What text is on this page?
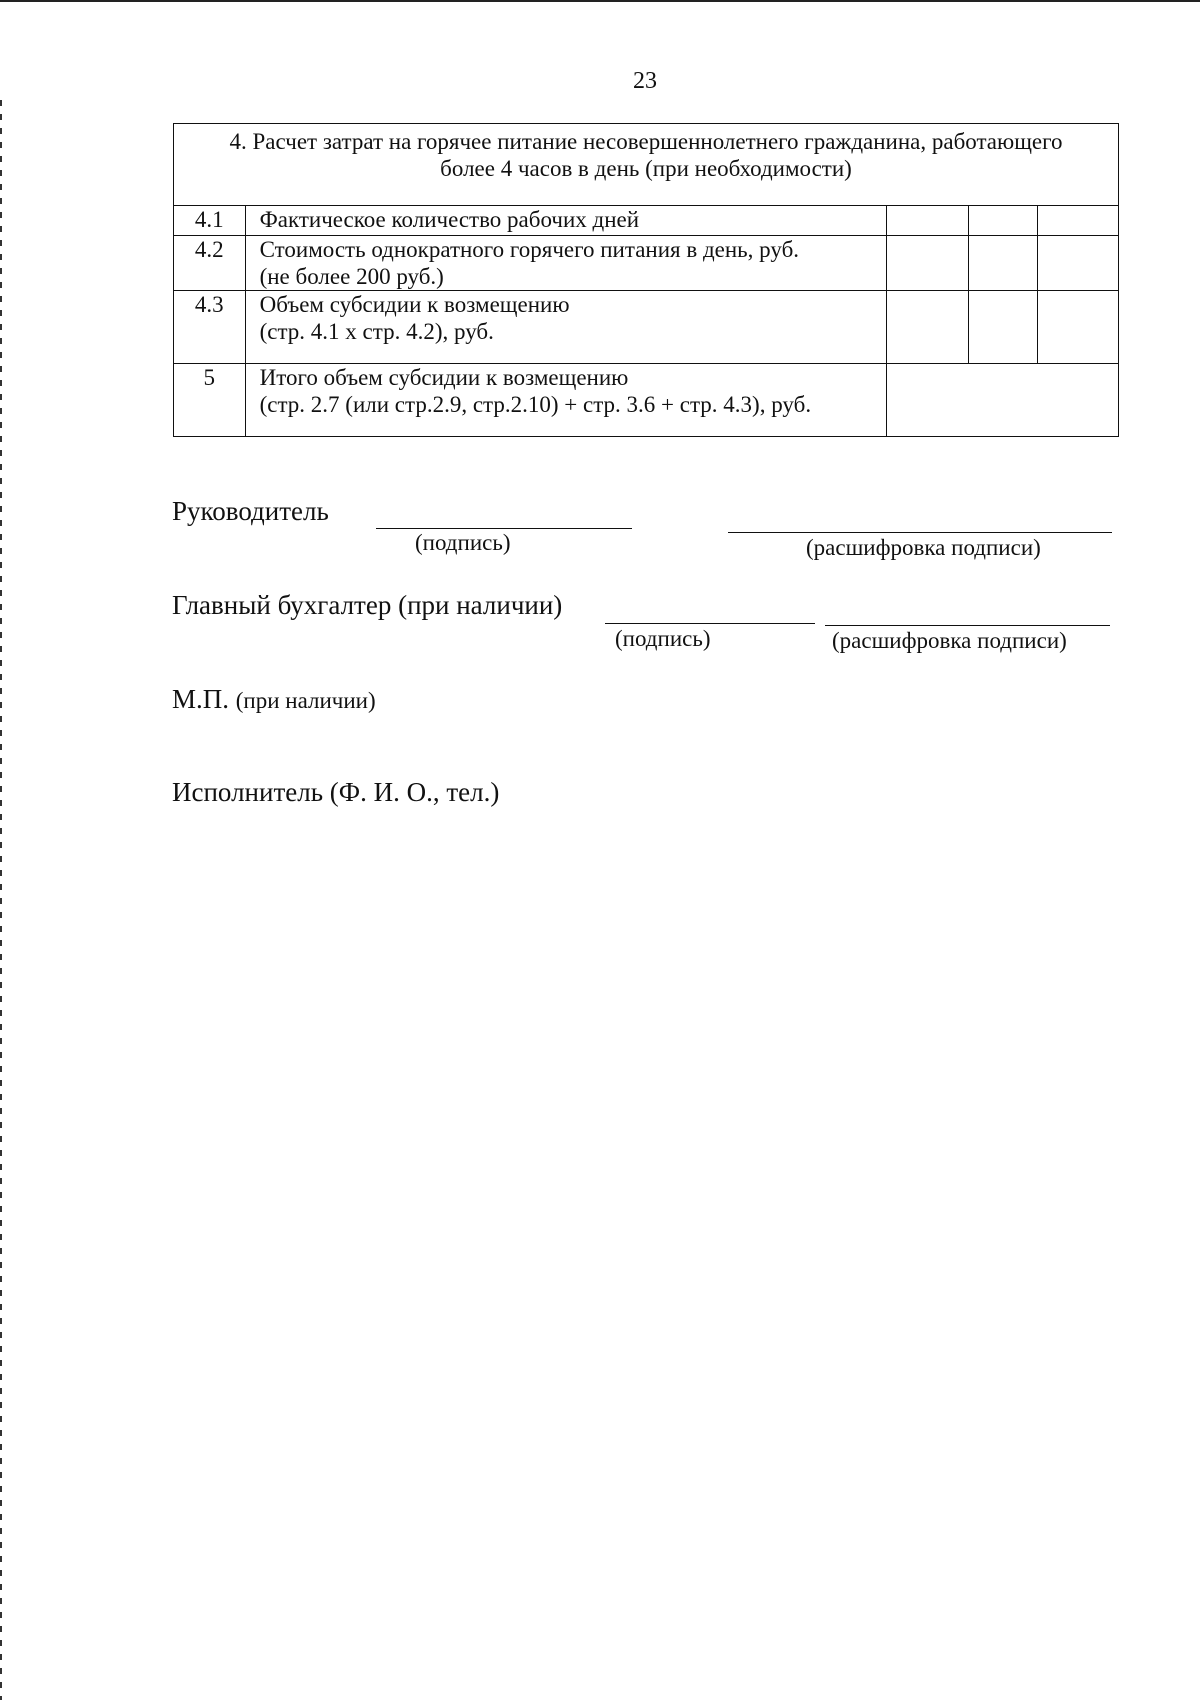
23
4. Расчет затрат на горячее питание несовершеннолетнего гражданина, работающего
более 4 часов в день (при необходимости)				
4.1	Фактическое количество рабочих дней			
4.2	Стоимость однократного горячего питания в день, руб.
(не более 200 руб.)			
4.3	Объем субсидии к возмещению
(стр. 4.1 х стр. 4.2), руб.			
5	Итого объем субсидии к возмещению
(стр. 2.7 (или стр.2.9, стр.2.10) + стр. 3.6 + стр. 4.3), руб.			
Руководитель
(подпись)	(расшифровка подписи)
Главный бухгалтер (при наличии)
(подпись)	(расшифровка подписи)
М.П. (при наличии)
Исполнитель (Ф. И. О., тел.)
